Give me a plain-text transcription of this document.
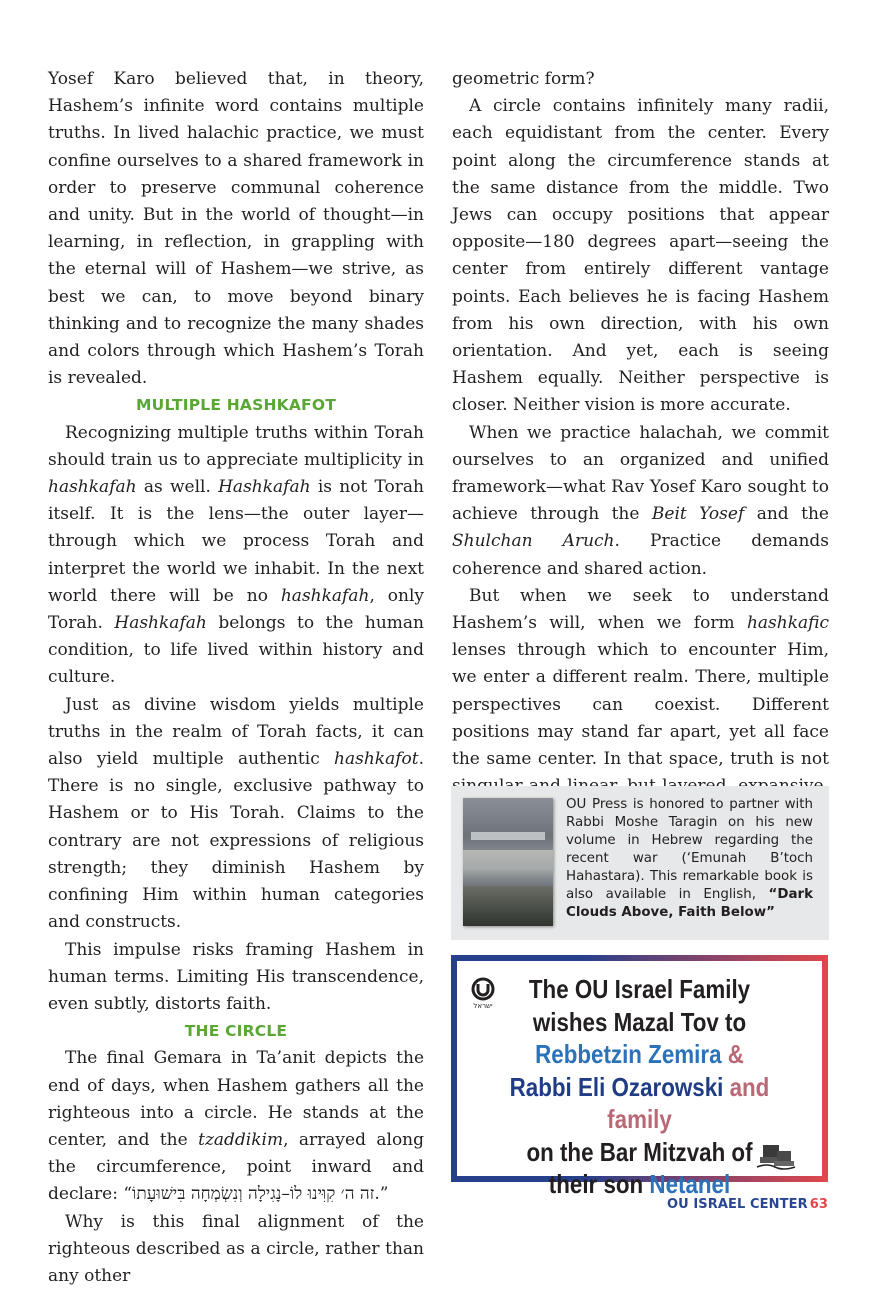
Yosef Karo believed that, in theory, Hashem’s infinite word contains multiple truths. In lived halachic practice, we must confine ourselves to a shared framework in order to preserve communal coherence and unity. But in the world of thought—in learning, in reflection, in grappling with the eternal will of Hashem—we strive, as best we can, to move beyond binary thinking and to recognize the many shades and colors through which Hashem’s Torah is revealed.

MULTIPLE HASHKAFOT

Recognizing multiple truths within Torah should train us to appreciate multiplicity in hashkafah as well. Hashkafah is not Torah itself. It is the lens—the outer layer—through which we process Torah and interpret the world we inhabit. In the next world there will be no hashkafah, only Torah. Hashkafah belongs to the human condition, to life lived within history and culture.

Just as divine wisdom yields multiple truths in the realm of Torah facts, it can also yield multiple authentic hashkafot. There is no single, exclusive pathway to Hashem or to His Torah. Claims to the contrary are not expressions of religious strength; they diminish Hashem by confining Him within human categories and constructs.

This impulse risks framing Hashem in human terms. Limiting His transcendence, even subtly, distorts faith.

THE CIRCLE

The final Gemara in Ta’anit depicts the end of days, when Hashem gathers all the righteous into a circle. He stands at the center, and the tzaddikim, arrayed along the circumference, point inward and declare: “זה ה׳ קִוִּינוּ לוֹ–נָגִילָה וְנִשְׂמְחָה בִּישׁוּעָתוֹ.”

Why is this final alignment of the righteous described as a circle, rather than any other

geometric form?

A circle contains infinitely many radii, each equidistant from the center. Every point along the circumference stands at the same distance from the middle. Two Jews can occupy positions that appear opposite—180 degrees apart—seeing the center from entirely different vantage points. Each believes he is facing Hashem from his own direction, with his own orientation. And yet, each is seeing Hashem equally. Neither perspective is closer. Neither vision is more accurate.

When we practice halachah, we commit ourselves to an organized and unified framework—what Rav Yosef Karo sought to achieve through the Beit Yosef and the Shulchan Aruch. Practice demands coherence and shared action.

But when we seek to understand Hashem’s will, when we form hashkafic lenses through which to encounter Him, we enter a different realm. There, multiple perspectives can coexist. Different positions may stand far apart, yet all face the same center. In that space, truth is not

OU Press is honored to partner with Rabbi Moshe Taragin on his new volume in Hebrew regarding the recent war (‘Emunah B’toch Hahastara). This remarkable book is also available in English, “Dark Clouds Above, Faith Below”
ישראל
The OU Israel Family
wishes Mazal Tov to
Rebbetzin Zemira &
Rabbi Eli Ozarowski and family
on the Bar Mitzvah of
their son Netanel
OU ISRAEL CENTER 63
